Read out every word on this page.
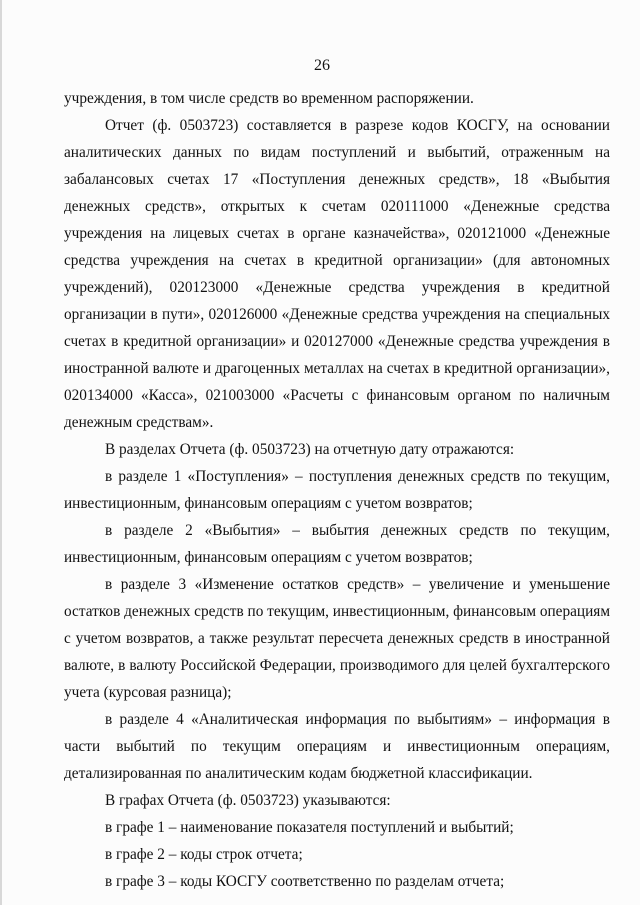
26

учреждения, в том числе средств во временном распоряжении.

Отчет (ф. 0503723) составляется в разрезе кодов КОСГУ, на основании аналитических данных по видам поступлений и выбытий, отраженным на забалансовых счетах 17 «Поступления денежных средств», 18 «Выбытия денежных средств», открытых к счетам 020111000 «Денежные средства учреждения на лицевых счетах в органе казначейства», 020121000 «Денежные средства учреждения на счетах в кредитной организации» (для автономных учреждений), 020123000 «Денежные средства учреждения в кредитной организации в пути», 020126000 «Денежные средства учреждения на специальных счетах в кредитной организации» и 020127000 «Денежные средства учреждения в иностранной валюте и драгоценных металлах на счетах в кредитной организации», 020134000 «Касса», 021003000 «Расчеты с финансовым органом по наличным денежным средствам».

В разделах Отчета (ф. 0503723) на отчетную дату отражаются:

в разделе 1 «Поступления» – поступления денежных средств по текущим, инвестиционным, финансовым операциям с учетом возвратов;

в разделе 2 «Выбытия» – выбытия денежных средств по текущим, инвестиционным, финансовым операциям с учетом возвратов;

в разделе 3 «Изменение остатков средств» – увеличение и уменьшение остатков денежных средств по текущим, инвестиционным, финансовым операциям с учетом возвратов, а также результат пересчета денежных средств в иностранной валюте, в валюту Российской Федерации, производимого для целей бухгалтерского учета (курсовая разница);

в разделе 4 «Аналитическая информация по выбытиям» – информация в части выбытий по текущим операциям и инвестиционным операциям, детализированная по аналитическим кодам бюджетной классификации.

В графах Отчета (ф. 0503723) указываются:

в графе 1 – наименование показателя поступлений и выбытий;

в графе 2 – коды строк отчета;

в графе 3 – коды КОСГУ соответственно по разделам отчета;
